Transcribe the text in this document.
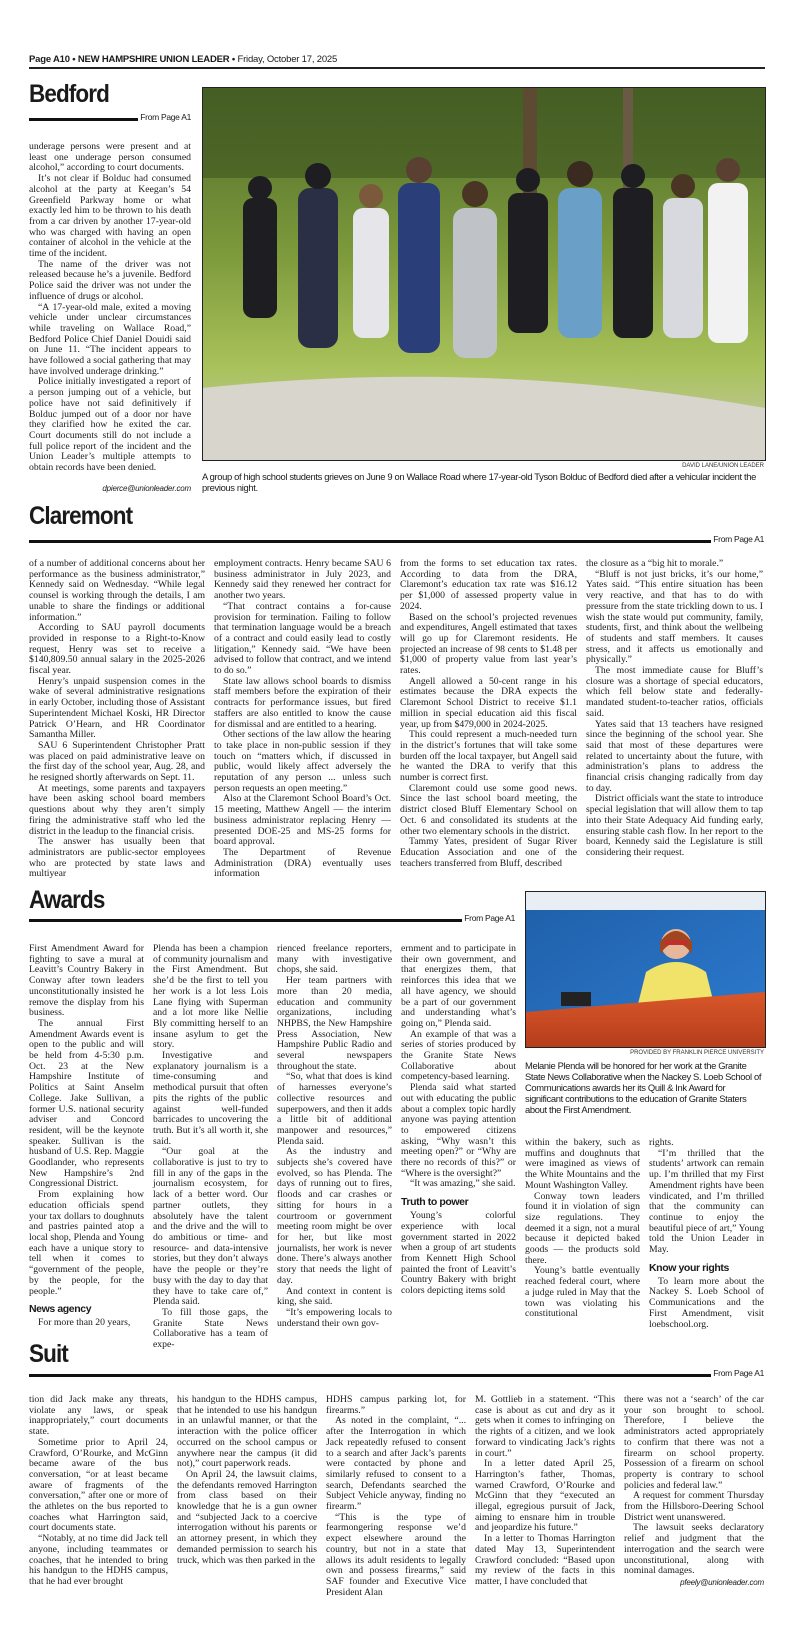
Page A10 • NEW HAMPSHIRE UNION LEADER • Friday, October 17, 2025
Bedford
From Page A1

underage persons were present and at least one underage person consumed alcohol,” according to court documents.

It’s not clear if Bolduc had consumed alcohol at the party at Keegan’s 54 Greenfield Parkway home or what exactly led him to be thrown to his death from a car driven by another 17-year-old who was charged with having an open container of alcohol in the vehicle at the time of the incident.

The name of the driver was not released because he’s a juvenile. Bedford Police said the driver was not under the influence of drugs or alcohol.

“A 17-year-old male, exited a moving vehicle under unclear circumstances while traveling on Wallace Road,” Bedford Police Chief Daniel Douidi said on June 11. “The incident appears to have followed a social gathering that may have involved underage drinking.”

Police initially investigated a report of a person jumping out of a vehicle, but police have not said definitively if Bolduc jumped out of a door nor have they clarified how he exited the car. Court documents still do not include a full police report of the incident and the Union Leader’s multiple attempts to obtain records have been denied.

dpierce@unionleader.com
DAVID LANE/UNION LEADER
A group of high school students grieves on June 9 on Wallace Road where 17-year-old Tyson Bolduc of Bedford died after a vehicular incident the previous night.
Claremont
From Page A1

of a number of additional concerns about her performance as the business administrator,” Kennedy said on Wednesday. “While legal counsel is working through the details, I am unable to share the findings or additional information.”

According to SAU payroll documents provided in response to a Right-to-Know request, Henry was set to receive a $140,809.50 annual salary in the 2025-2026 fiscal year.

Henry’s unpaid suspension comes in the wake of several administrative resignations in early October, including those of Assistant Superintendent Michael Koski, HR Director Patrick O’Hearn, and HR Coordinator Samantha Miller.

SAU 6 Superintendent Christopher Pratt was placed on paid administrative leave on the first day of the school year, Aug. 28, and he resigned shortly afterwards on Sept. 11.

At meetings, some parents and taxpayers have been asking school board members questions about why they aren’t simply firing the administrative staff who led the district in the leadup to the financial crisis.

The answer has usually been that administrators are public-sector employees who are protected by state laws and multiyear

employment contracts. Henry became SAU 6 business administrator in July 2023, and Kennedy said they renewed her contract for another two years.

“That contract contains a for-cause provision for termination. Failing to follow that termination language would be a breach of a contract and could easily lead to costly litigation,” Kennedy said. “We have been advised to follow that contract, and we intend to do so.”

State law allows school boards to dismiss staff members before the expiration of their contracts for performance issues, but fired staffers are also entitled to know the cause for dismissal and are entitled to a hearing.

Other sections of the law allow the hearing to take place in non-public session if they touch on “matters which, if discussed in public, would likely affect adversely the reputation of any person ... unless such person requests an open meeting.”

Also at the Claremont School Board’s Oct. 15 meeting, Matthew Angell — the interim business administrator replacing Henry — presented DOE-25 and MS-25 forms for board approval.

The Department of Revenue Administration (DRA) eventually uses information

from the forms to set education tax rates. According to data from the DRA, Claremont’s education tax rate was $16.12 per $1,000 of assessed property value in 2024.

Based on the school’s projected revenues and expenditures, Angell estimated that taxes will go up for Claremont residents. He projected an increase of 98 cents to $1.48 per $1,000 of property value from last year’s rates.

Angell allowed a 50-cent range in his estimates because the DRA expects the Claremont School District to receive $1.1 million in special education aid this fiscal year, up from $479,000 in 2024-2025.

This could represent a much-needed turn in the district’s fortunes that will take some burden off the local taxpayer, but Angell said he wanted the DRA to verify that this number is correct first.

Claremont could use some good news. Since the last school board meeting, the district closed Bluff Elementary School on Oct. 6 and consolidated its students at the other two elementary schools in the district.

Tammy Yates, president of Sugar River Education Association and one of the teachers transferred from Bluff, described

the closure as a “big hit to morale.”

“Bluff is not just bricks, it’s our home,” Yates said. “This entire situation has been very reactive, and that has to do with pressure from the state trickling down to us. I wish the state would put community, family, students, first, and think about the wellbeing of students and staff members. It causes stress, and it affects us emotionally and physically.”

The most immediate cause for Bluff’s closure was a shortage of special educators, which fell below state and federally-mandated student-to-teacher ratios, officials said.

Yates said that 13 teachers have resigned since the beginning of the school year. She said that most of these departures were related to uncertainty about the future, with administration’s plans to address the financial crisis changing radically from day to day.

District officials want the state to introduce special legislation that will allow them to tap into their State Adequacy Aid funding early, ensuring stable cash flow. In her report to the board, Kennedy said the Legislature is still considering their request.

Awards
From Page A1
PROVIDED BY FRANKLIN PIERCE UNIVERSITY
Melanie Plenda will be honored for her work at the Granite State News Collaborative when the Nackey S. Loeb School of Communications awards her its Quill & Ink Award for significant contributions to the education of Granite Staters about the First Amendment.

First Amendment Award for fighting to save a mural at Leavitt’s Country Bakery in Conway after town leaders unconstitutionally insisted he remove the display from his business.

The annual First Amendment Awards event is open to the public and will be held from 4-5:30 p.m. Oct. 23 at the New Hampshire Institute of Politics at Saint Anselm College. Jake Sullivan, a former U.S. national security adviser and Concord resident, will be the keynote speaker. Sullivan is the husband of U.S. Rep. Maggie Goodlander, who represents New Hampshire’s 2nd Congressional District.

From explaining how education officials spend your tax dollars to doughnuts and pastries painted atop a local shop, Plenda and Young each have a unique story to tell when it comes to “government of the people, by the people, for the people.”

News agency

For more than 20 years,

Plenda has been a champion of community journalism and the First Amendment. But she’d be the first to tell you her work is a lot less Lois Lane flying with Superman and a lot more like Nellie Bly committing herself to an insane asylum to get the story.

Investigative and explanatory journalism is a time-consuming and methodical pursuit that often pits the rights of the public against well-funded barricades to uncovering the truth. But it’s all worth it, she said.

“Our goal at the collaborative is just to try to fill in any of the gaps in the journalism ecosystem, for lack of a better word. Our partner outlets, they absolutely have the talent and the drive and the will to do ambitious or time- and resource- and data-intensive stories, but they don’t always have the people or they’re busy with the day to day that they have to take care of,” Plenda said.

To fill those gaps, the Granite State News Collaborative has a team of expe-

rienced freelance reporters, many with investigative chops, she said.

Her team partners with more than 20 media, education and community organizations, including NHPBS, the New Hampshire Press Association, New Hampshire Public Radio and several newspapers throughout the state.

“So, what that does is kind of harnesses everyone’s collective resources and superpowers, and then it adds a little bit of additional manpower and resources,” Plenda said.

As the industry and subjects she’s covered have evolved, so has Plenda. The days of running out to fires, floods and car crashes or sitting for hours in a courtroom or government meeting room might be over for her, but like most journalists, her work is never done. There’s always another story that needs the light of day.

And context in content is king, she said.

“It’s empowering locals to understand their own gov-

ernment and to participate in their own government, and that energizes them, that reinforces this idea that we all have agency, we should be a part of our government and understanding what’s going on,” Plenda said.

An example of that was a series of stories produced by the Granite State News Collaborative about competency-based learning.

Plenda said what started out with educating the public about a complex topic hardly anyone was paying attention to empowered citizens asking, “Why wasn’t this meeting open?” or “Why are there no records of this?” or “Where is the oversight?”

“It was amazing,” she said.

Truth to power

Young’s colorful experience with local government started in 2022 when a group of art students from Kennett High School painted the front of Leavitt’s Country Bakery with bright colors depicting items sold

within the bakery, such as muffins and doughnuts that were imagined as views of the White Mountains and the Mount Washington Valley.

Conway town leaders found it in violation of sign size regulations. They deemed it a sign, not a mural because it depicted baked goods — the products sold there.

Young’s battle eventually reached federal court, where a judge ruled in May that the town was violating his constitutional

rights.

“I’m thrilled that the students’ artwork can remain up. I’m thrilled that my First Amendment rights have been vindicated, and I’m thrilled that the community can continue to enjoy the beautiful piece of art,” Young told the Union Leader in May.

Know your rights

To learn more about the Nackey S. Loeb School of Communications and the First Amendment, visit loebschool.org.

Suit
From Page A1

tion did Jack make any threats, violate any laws, or speak inappropriately,” court documents state.

Sometime prior to April 24, Crawford, O’Rourke, and McGinn became aware of the bus conversation, “or at least became aware of fragments of the conversation,” after one or more of the athletes on the bus reported to coaches what Harrington said, court documents state.

“Notably, at no time did Jack tell anyone, including teammates or coaches, that he intended to bring his handgun to the HDHS campus, that he had ever brought

his handgun to the HDHS campus, that he intended to use his handgun in an unlawful manner, or that the interaction with the police officer occurred on the school campus or anywhere near the campus (it did not),” court paperwork reads.

On April 24, the lawsuit claims, the defendants removed Harrington from class based on their knowledge that he is a gun owner and “subjected Jack to a coercive interrogation without his parents or an attorney present, in which they demanded permission to search his truck, which was then parked in the

HDHS campus parking lot, for firearms.”

As noted in the complaint, “... after the Interrogation in which Jack repeatedly refused to consent to a search and after Jack’s parents were contacted by phone and similarly refused to consent to a search, Defendants searched the Subject Vehicle anyway, finding no firearm.”

“This is the type of fearmongering response we’d expect elsewhere around the country, but not in a state that allows its adult residents to legally own and possess firearms,” said SAF founder and Executive Vice President Alan

M. Gottlieb in a statement. “This case is about as cut and dry as it gets when it comes to infringing on the rights of a citizen, and we look forward to vindicating Jack’s rights in court.”

In a letter dated April 25, Harrington’s father, Thomas, warned Crawford, O’Rourke and McGinn that they “executed an illegal, egregious pursuit of Jack, aiming to ensnare him in trouble and jeopardize his future.”

In a letter to Thomas Harrington dated May 13, Superintendent Crawford concluded: “Based upon my review of the facts in this matter, I have concluded that

there was not a ‘search’ of the car your son brought to school. Therefore, I believe the administrators acted appropriately to confirm that there was not a firearm on school property. Possession of a firearm on school property is contrary to school policies and federal law.”

A request for comment Thursday from the Hillsboro-Deering School District went unanswered.

The lawsuit seeks declaratory relief and judgment that the interrogation and the search were unconstitutional, along with nominal damages.

pfeely@unionleader.com
